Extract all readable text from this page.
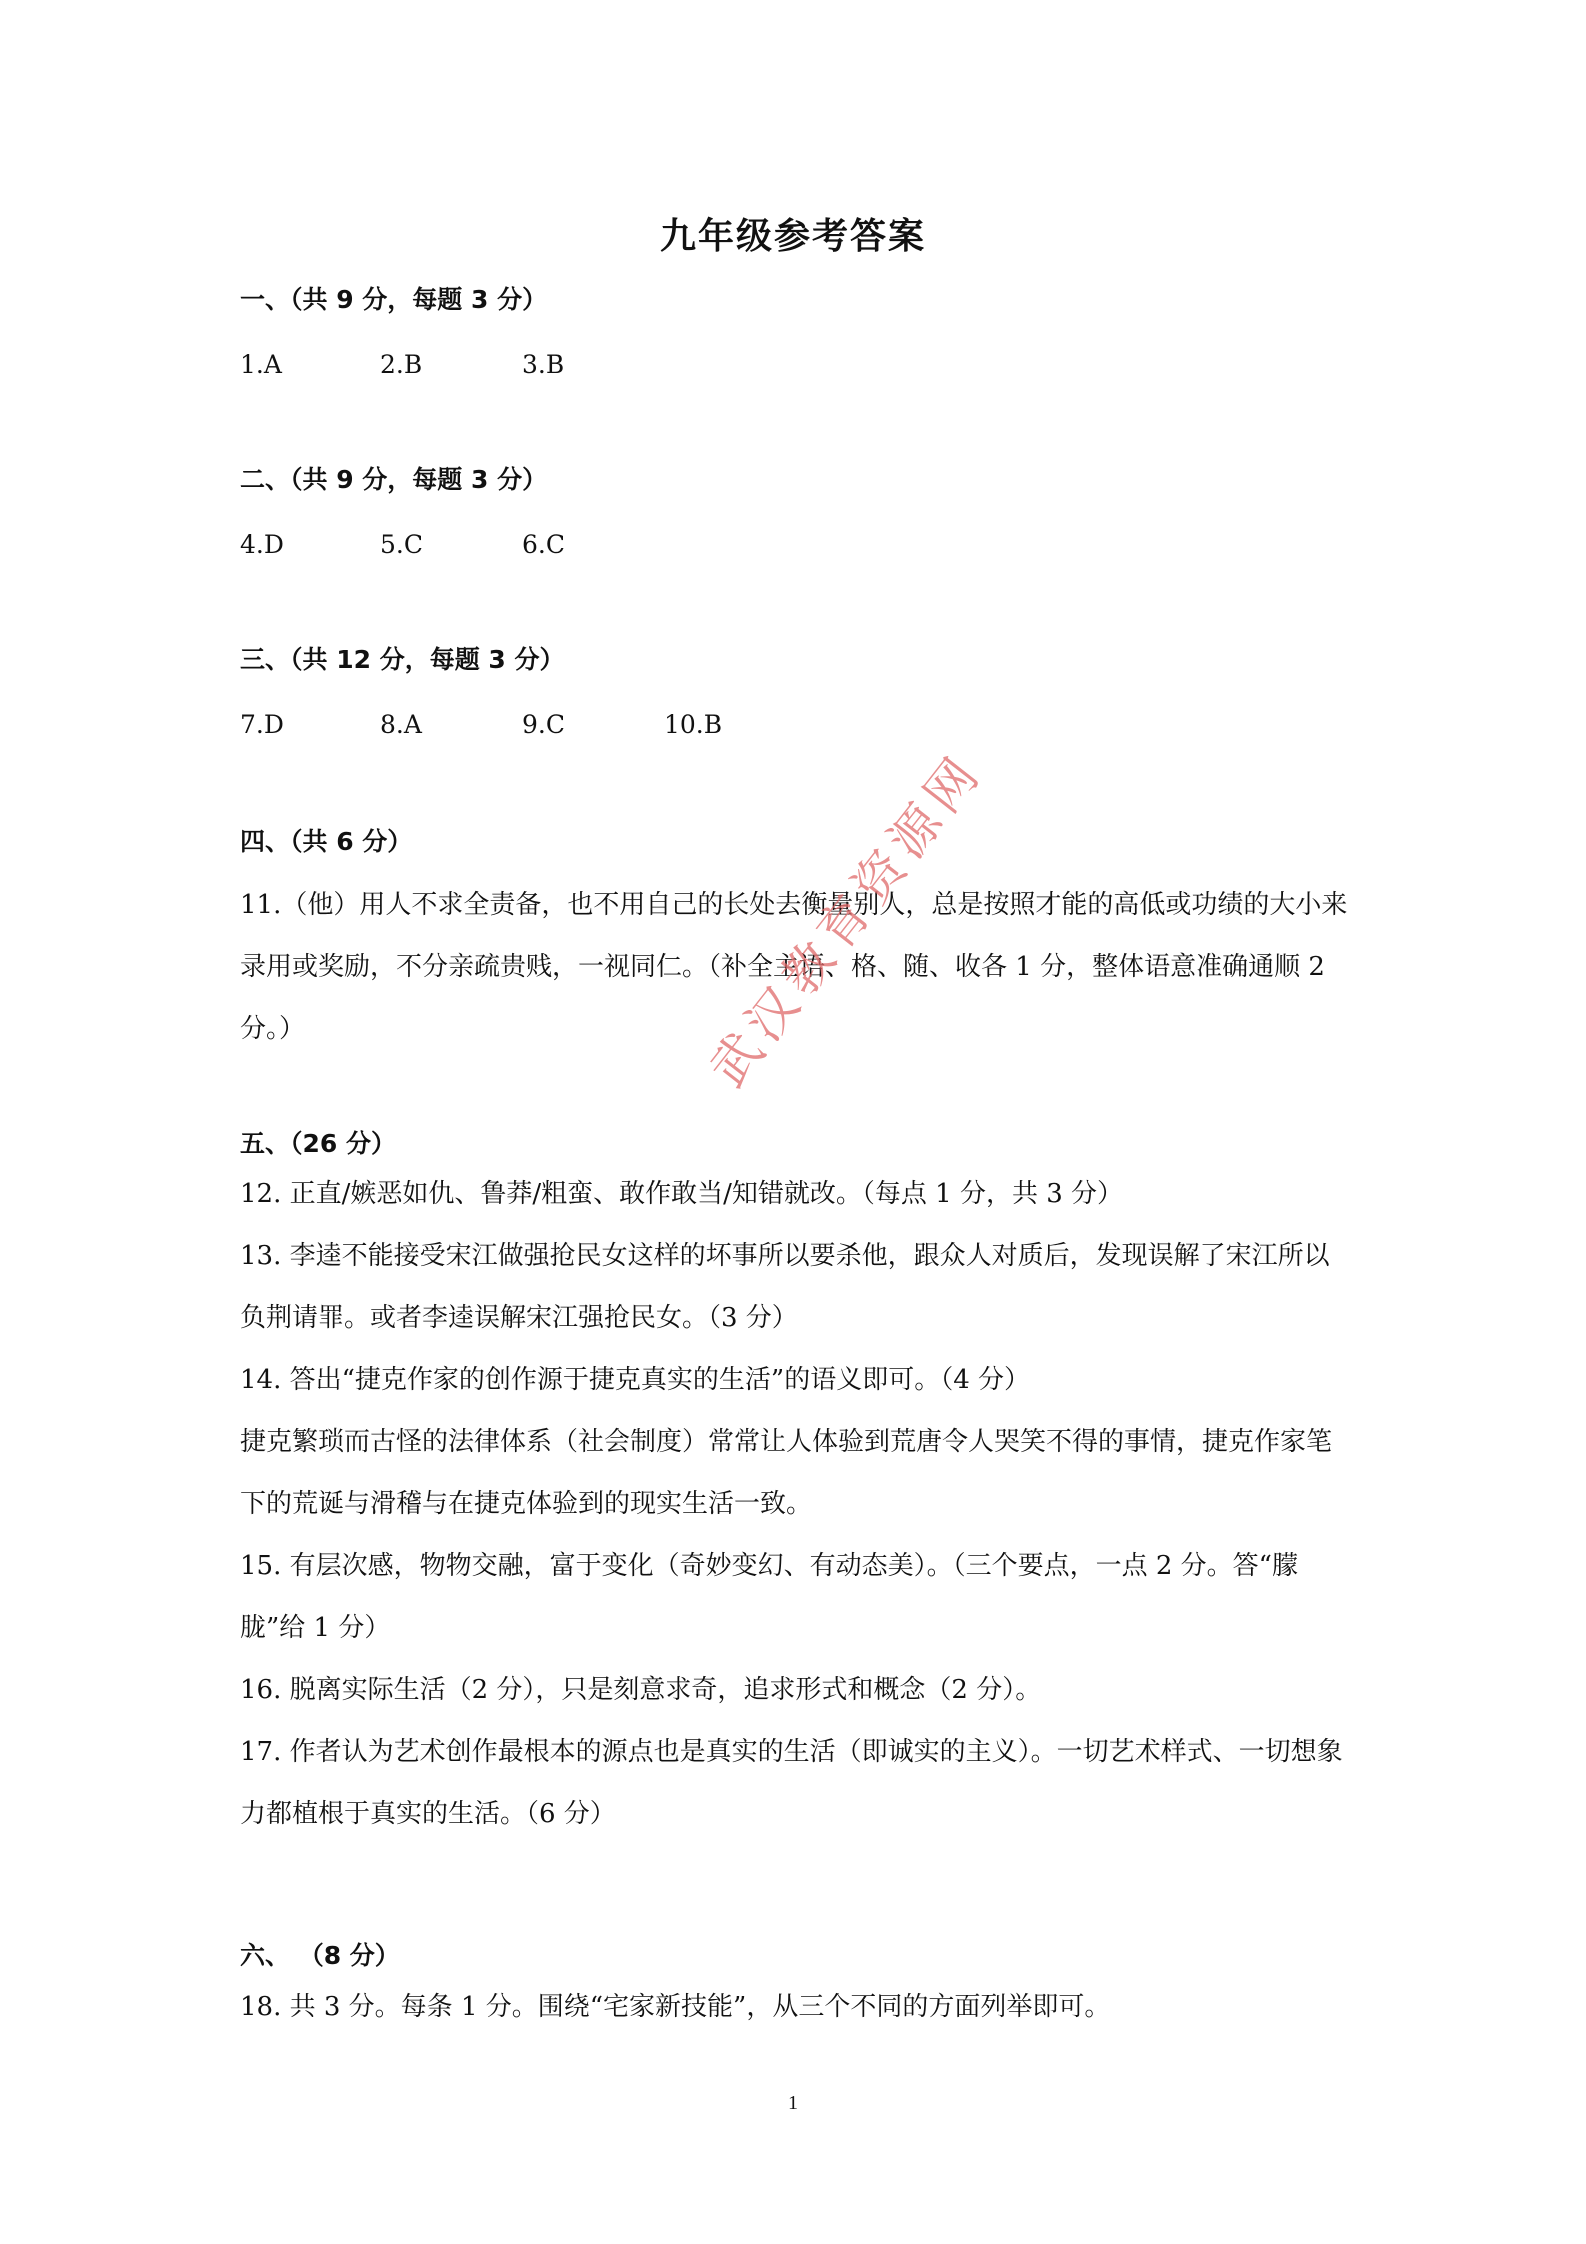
九年级参考答案
一、（共 9 分，每题 3 分）
1.A	2.B	3.B
二、（共 9 分，每题 3 分）
4.D	5.C	6.C
三、（共 12 分，每题 3 分）
7.D	8.A	9.C	10.B
四、（共 6 分）

11.（他）用人不求全责备，也不用自己的长处去衡量别人，总是按照才能的高低或功绩的大小来录用或奖励，不分亲疏贵贱，一视同仁。（补全主语、格、随、收各 1 分，整体语意准确通顺 2 分。）

五、（26 分）

12. 正直/嫉恶如仇、鲁莽/粗蛮、敢作敢当/知错就改。（每点 1 分，共 3 分）

13. 李逵不能接受宋江做强抢民女这样的坏事所以要杀他，跟众人对质后，发现误解了宋江所以负荆请罪。或者李逵误解宋江强抢民女。（3 分）

14. 答出“捷克作家的创作源于捷克真实的生活”的语义即可。（4 分）

捷克繁琐而古怪的法律体系（社会制度）常常让人体验到荒唐令人哭笑不得的事情，捷克作家笔下的荒诞与滑稽与在捷克体验到的现实生活一致。

15. 有层次感，物物交融，富于变化（奇妙变幻、有动态美）。（三个要点，一点 2 分。答“朦胧”给 1 分）

16. 脱离实际生活（2 分），只是刻意求奇，追求形式和概念（2 分）。

17. 作者认为艺术创作最根本的源点也是真实的生活（即诚实的主义）。一切艺术样式、一切想象力都植根于真实的生活。（6 分）

六、 （8 分）

18. 共 3 分。每条 1 分。围绕“宅家新技能”，从三个不同的方面列举即可。

武汉教育资源网
1
